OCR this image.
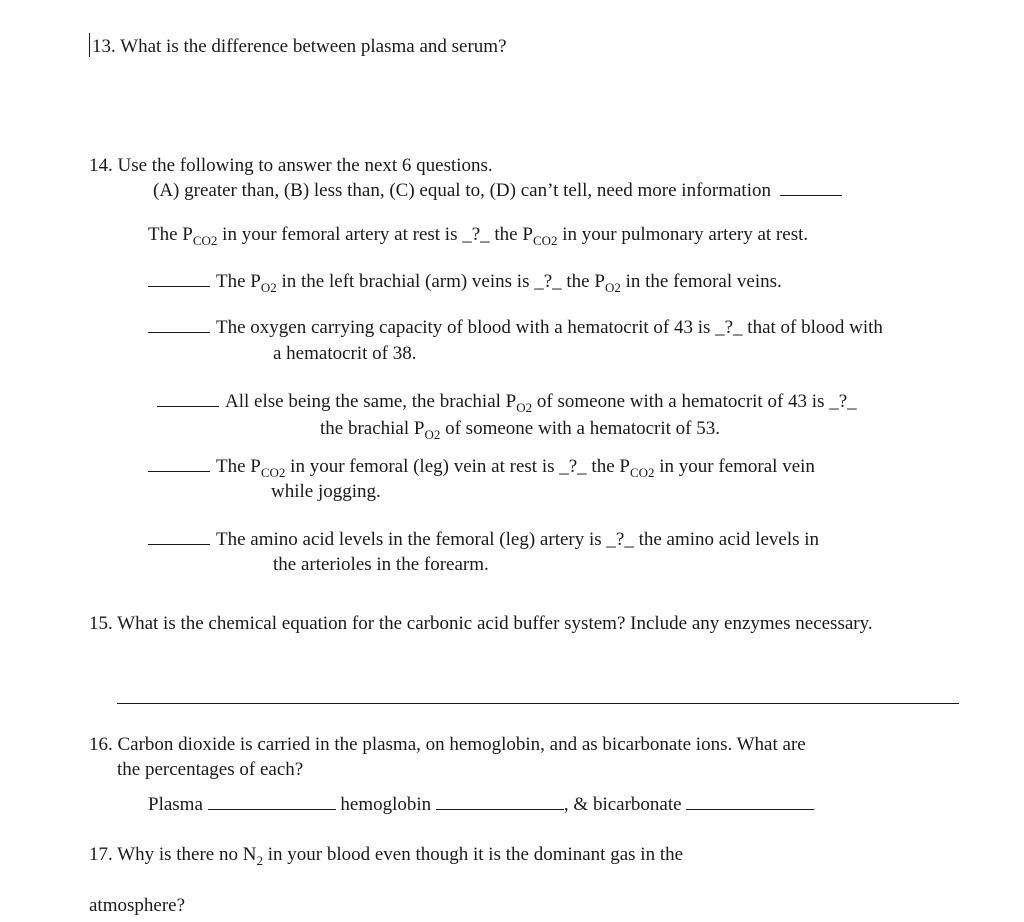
13. What is the difference between plasma and serum?
14. Use the following to answer the next 6 questions.
(A) greater than, (B) less than, (C) equal to, (D) can’t tell, need more information
The $P_{CO2}$ in your femoral artery at rest is _?_ the $P_{CO2}$ in your pulmonary artery at rest.
The $P_{O2}$ in the left brachial (arm) veins is _?_ the $P_{O2}$ in the femoral veins.
The oxygen carrying capacity of blood with a hematocrit of 43 is _?_ that of blood with
a hematocrit of 38.
All else being the same, the brachial $P_{O2}$ of someone with a hematocrit of 43 is _?_
the brachial $P_{O2}$ of someone with a hematocrit of 53.
The $P_{CO2}$ in your femoral (leg) vein at rest is _?_ the $P_{CO2}$ in your femoral vein
while jogging.
The amino acid levels in the femoral (leg) artery is _?_ the amino acid levels in
the arterioles in the forearm.
15. What is the chemical equation for the carbonic acid buffer system? Include any enzymes necessary.
16. Carbon dioxide is carried in the plasma, on hemoglobin, and as bicarbonate ions. What are
the percentages of each?
Plasma	hemoglobin	, & bicarbonate
17. Why is there no $N_2$ in your blood even though it is the dominant gas in the
atmosphere?
